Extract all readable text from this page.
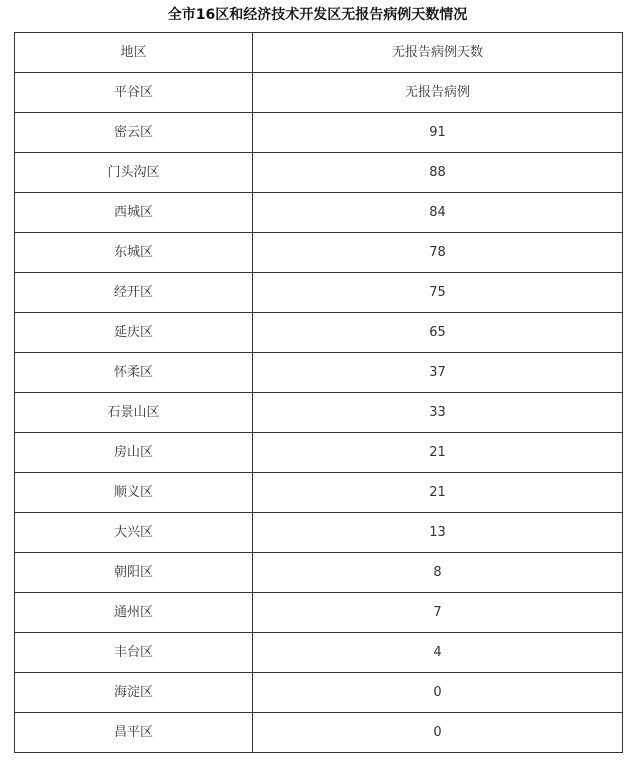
全市16区和经济技术开发区无报告病例天数情况
地区	无报告病例天数
平谷区	无报告病例
密云区	91
门头沟区	88
西城区	84
东城区	78
经开区	75
延庆区	65
怀柔区	37
石景山区	33
房山区	21
顺义区	21
大兴区	13
朝阳区	8
通州区	7
丰台区	4
海淀区	0
昌平区	0
